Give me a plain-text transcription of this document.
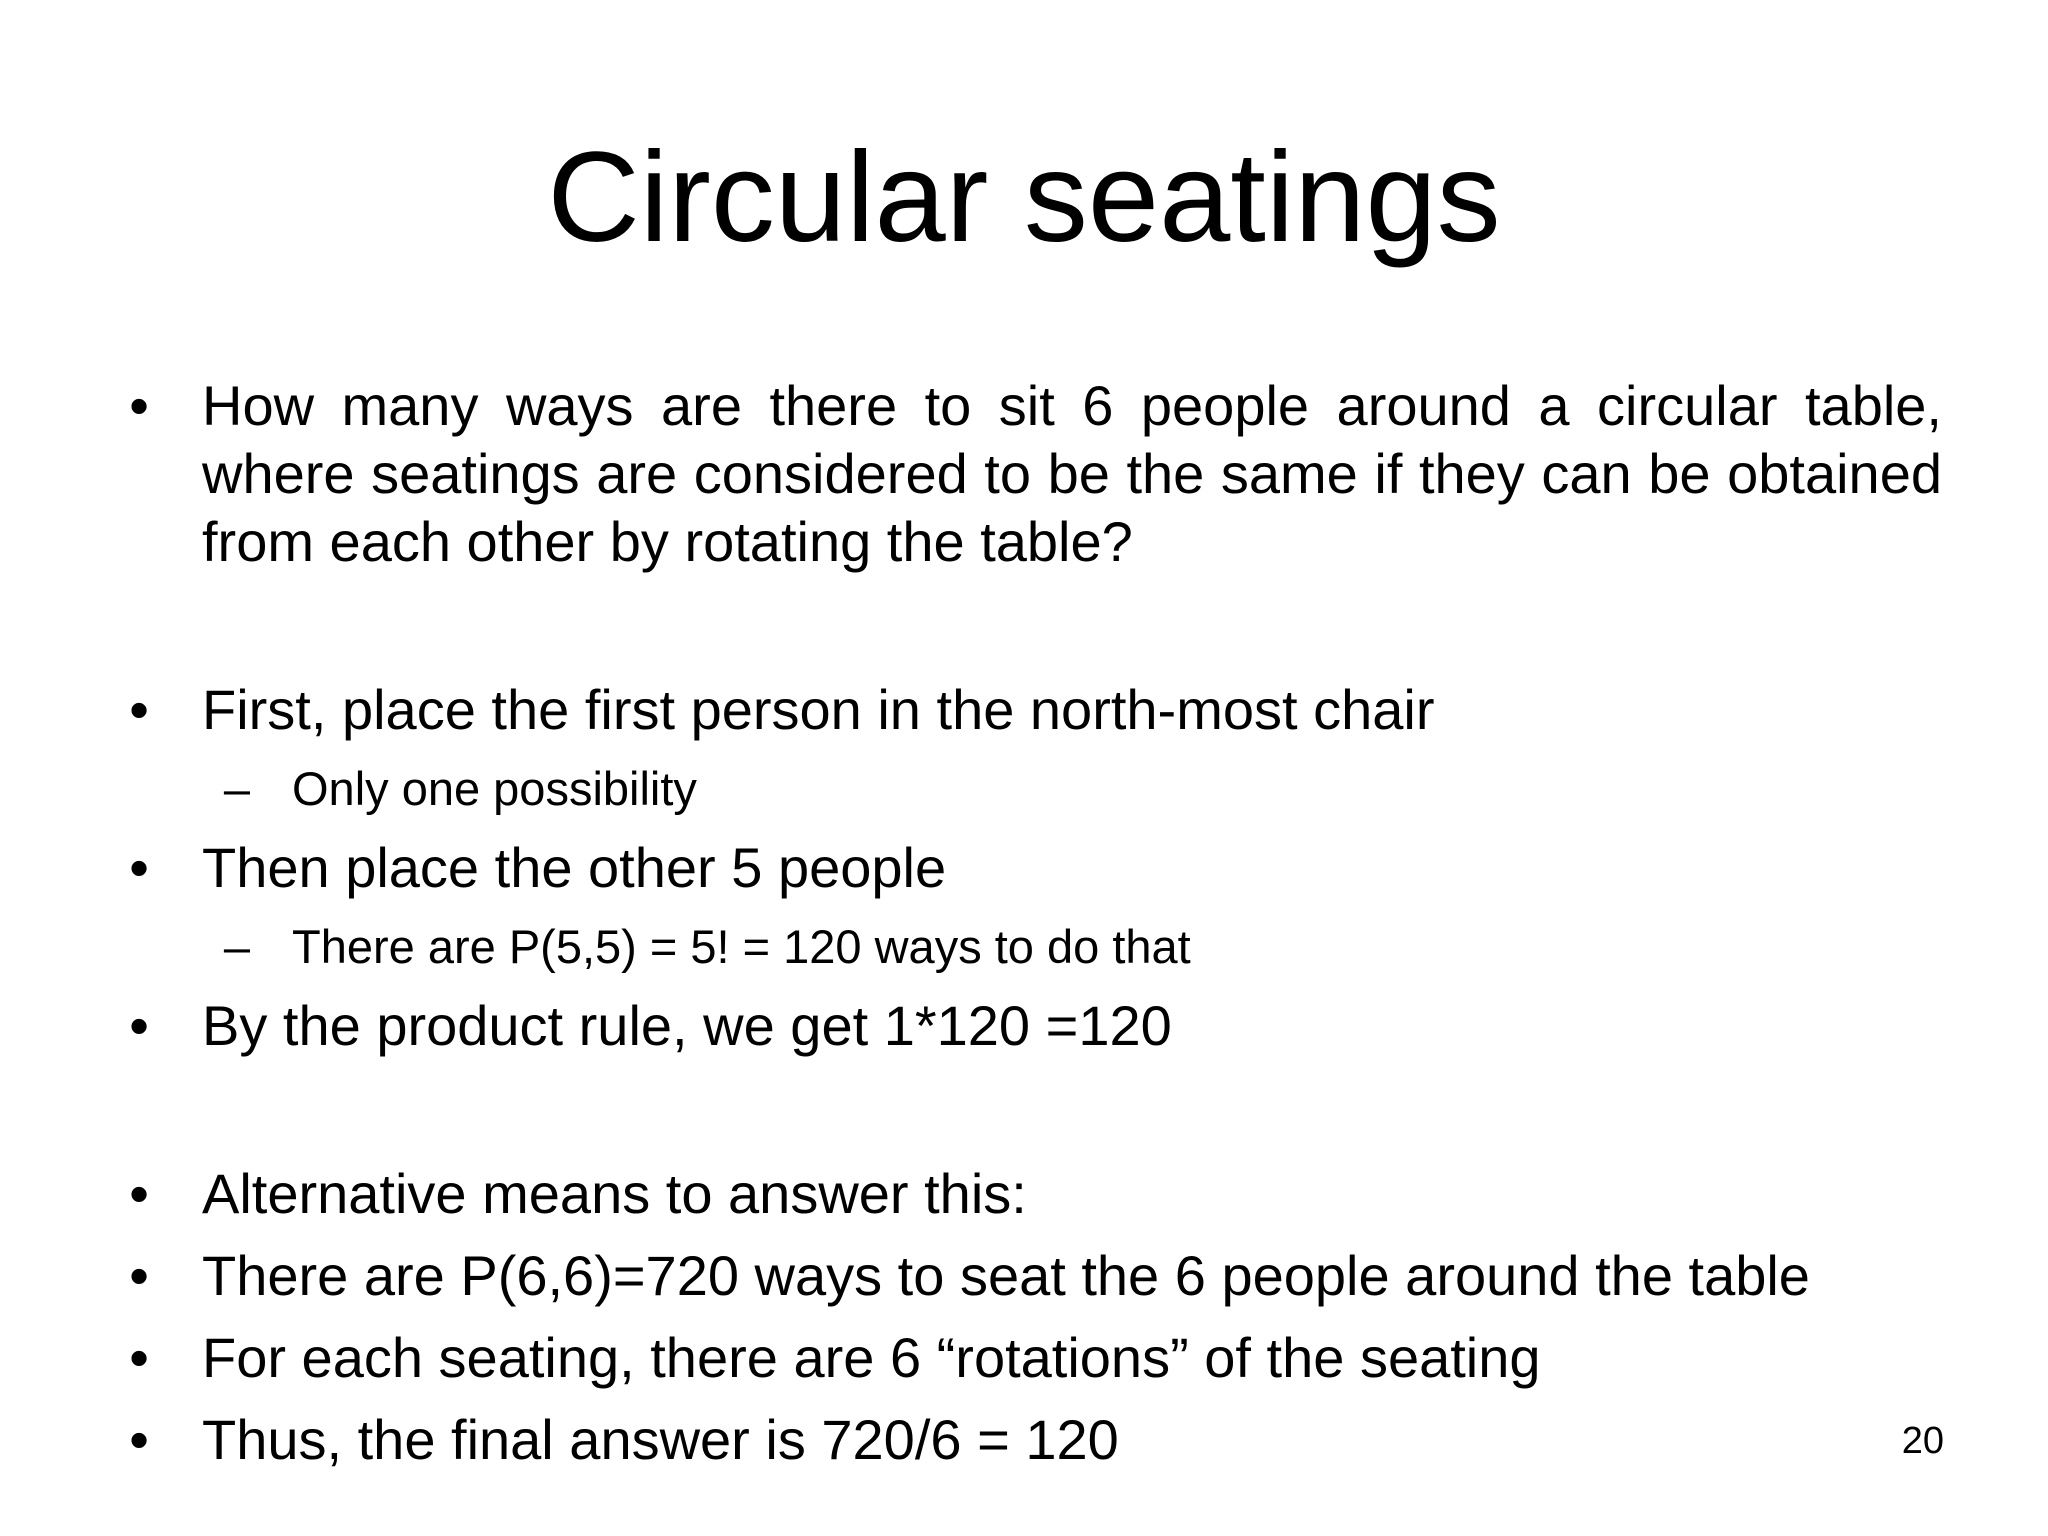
Circular seatings
• How many ways are there to sit 6 people around a circular table, where seatings are considered to be the same if they can be obtained from each other by rotating the table?
• First, place the first person in the north-most chair
– Only one possibility
• Then place the other 5 people
– There are P(5,5) = 5! = 120 ways to do that
• By the product rule, we get 1*120 =120
• Alternative means to answer this:
• There are P(6,6)=720 ways to seat the 6 people around the table
• For each seating, there are 6 “rotations” of the seating
• Thus, the final answer is 720/6 = 120	20
